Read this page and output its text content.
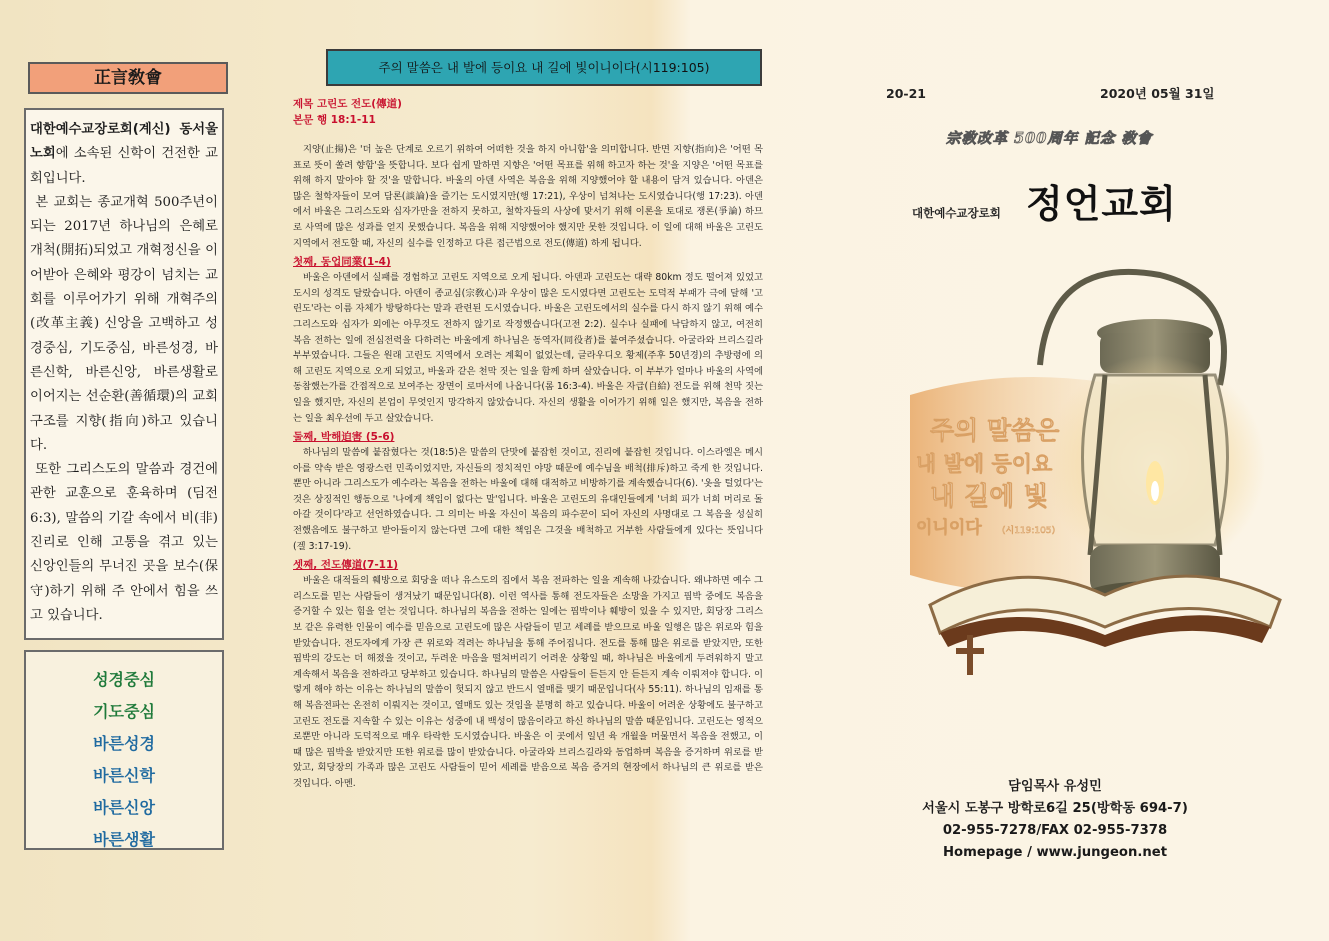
正言敎會

대한예수교장로회(계신) 동서울 노회에 소속된 신학이 건전한 교회입니다.

본 교회는 종교개혁 500주년이 되는 2017년 하나님의 은혜로 개척(開拓)되었고 개혁정신을 이어받아 은혜와 평강이 넘치는 교회를 이루어가기 위해 개혁주의(改革主義) 신앙을 고백하고 성경중심, 기도중심, 바른성경, 바른신학, 바른신앙, 바른생활로 이어지는 선순환(善循環)의 교회 구조를 지향(指向)하고 있습니다.

또한 그리스도의 말씀과 경건에 관한 교훈으로 훈육하며 (딤전 6:3), 말씀의 기갈 속에서 비(非) 진리로 인해 고통을 겪고 있는 신앙인들의 무너진 곳을 보수(保守)하기 위해 주 안에서 힘을 쓰고 있습니다.

성경중심
기도중심
바른성경
바른신학
바른신앙
바른생활
주의 말씀은 내 발에 등이요 내 길에 빛이니이다(시119:105)
제목 고린도 전도(傳道)
본문 행 18:1-11

지양(止揚)은 '더 높은 단계로 오르기 위하여 어떠한 것을 하지 아니함'을 의미합니다. 반면 지향(指向)은 '어떤 목표로 뜻이 쏠려 향함'을 뜻합니다. 보다 쉽게 말하면 지향은 '어떤 목표를 위해 하고자 하는 것'을 지양은 '어떤 목표를 위해 하지 말아야 할 것'을 말합니다. 바울의 아덴 사역은 복음을 위해 지양했어야 할 내용이 담겨 있습니다. 아덴은 많은 철학자들이 모여 담론(談論)을 즐기는 도시였지만(행 17:21), 우상이 넘쳐나는 도시였습니다(행 17:23). 아덴에서 바울은 그리스도와 십자가만을 전하지 못하고, 철학자들의 사상에 맞서기 위해 이론을 토대로 쟁론(爭論) 하므로 사역에 많은 성과를 얻지 못했습니다. 복음을 위해 지양했어야 했지만 못한 것입니다. 이 일에 대해 바울은 고린도 지역에서 전도할 때, 자신의 실수를 인정하고 다른 접근법으로 전도(傳道) 하게 됩니다.

첫째, 동업同業(1-4)

바울은 아덴에서 실패를 경험하고 고린도 지역으로 오게 됩니다. 아덴과 고린도는 대략 80km 정도 떨어져 있었고 도시의 성격도 달랐습니다. 아덴이 종교심(宗敎心)과 우상이 많은 도시였다면 고린도는 도덕적 부패가 극에 달해 '고린도'라는 이름 자체가 방탕하다는 말과 관련된 도시였습니다. 바울은 고린도에서의 실수를 다시 하지 않기 위해 예수 그리스도와 십자가 외에는 아무것도 전하지 않기로 작정했습니다(고전 2:2). 실수나 실패에 낙담하지 않고, 여전히 복음 전하는 일에 전심전력을 다하려는 바울에게 하나님은 동역자(同役者)를 붙여주셨습니다. 아굴라와 브리스길라 부부였습니다. 그들은 원래 고린도 지역에서 오려는 계획이 없었는데, 글라우디오 황제(주후 50년경)의 추방령에 의해 고린도 지역으로 오게 되었고, 바울과 같은 천막 짓는 일을 함께 하며 살았습니다. 이 부부가 얼마나 바울의 사역에 동참했는가를 간접적으로 보여주는 장면이 로마서에 나옵니다(롬 16:3-4). 바울은 자급(自給) 전도를 위해 천막 짓는 일을 했지만, 자신의 본업이 무엇인지 망각하지 않았습니다. 자신의 생활을 이어가기 위해 일은 했지만, 복음을 전하는 일을 최우선에 두고 살았습니다.

둘째, 박해迫害 (5-6)

하나님의 말씀에 붙잡혔다는 것(18:5)은 말씀의 단맛에 붙잡힌 것이고, 진리에 붙잡힌 것입니다. 이스라엘은 메시아를 약속 받은 영광스런 민족이었지만, 자신들의 정치적인 야망 때문에 예수님을 배척(排斥)하고 죽게 한 것입니다. 뿐만 아니라 그리스도가 예수라는 복음을 전하는 바울에 대해 대적하고 비방하기를 계속했습니다(6). '옷을 털었다'는 것은 상징적인 행동으로 '나에게 책임이 없다는 말'입니다. 바울은 고린도의 유대인들에게 '너희 피가 너희 머리로 돌아갈 것이다'라고 선언하였습니다. 그 의미는 바울 자신이 복음의 파수꾼이 되어 자신의 사명대로 그 복음을 성실히 전했음에도 불구하고 받아들이지 않는다면 그에 대한 책임은 그것을 배척하고 거부한 사람들에게 있다는 뜻입니다(겔 3:17-19).

셋째, 전도傳道(7-11)

바울은 대적들의 훼방으로 회당을 떠나 유스도의 집에서 복음 전파하는 일을 계속해 나갔습니다. 왜냐하면 예수 그리스도를 믿는 사람들이 생겨났기 때문입니다(8). 이런 역사를 통해 전도자들은 소망을 가지고 핍박 중에도 복음을 증거할 수 있는 힘을 얻는 것입니다. 하나님의 복음을 전하는 일에는 핍박이나 훼방이 있을 수 있지만, 회당장 그리스보 같은 유력한 인물이 예수를 믿음으로 고린도에 많은 사람들이 믿고 세례를 받으므로 바울 일행은 많은 위로와 힘을 받았습니다. 전도자에게 가장 큰 위로와 격려는 하나님을 통해 주어집니다. 전도를 통해 많은 위로를 받았지만, 또한 핍박의 강도는 더 해졌을 것이고, 두려운 마음을 떨쳐버리기 어려운 상황일 때, 하나님은 바울에게 두려워하지 말고 계속해서 복음을 전하라고 당부하고 있습니다. 하나님의 말씀은 사람들이 듣든지 안 듣든지 계속 이뤄져야 합니다. 이렇게 해야 하는 이유는 하나님의 말씀이 헛되지 않고 반드시 열매를 맺기 때문입니다(사 55:11). 하나님의 임재를 통해 복음전파는 온전히 이뤄지는 것이고, 열매도 있는 것임을 분명히 하고 있습니다. 바울이 어려운 상황에도 불구하고 고린도 전도를 지속할 수 있는 이유는 성중에 내 백성이 많음이라고 하신 하나님의 말씀 때문입니다. 고린도는 영적으로뿐만 아니라 도덕적으로 매우 타락한 도시였습니다. 바울은 이 곳에서 일년 육 개월을 머물면서 복음을 전했고, 이 때 많은 핍박을 받았지만 또한 위로를 많이 받았습니다. 아굴라와 브리스길라와 동업하며 복음을 증거하며 위로를 받았고, 회당장의 가족과 많은 고린도 사람들이 믿어 세례를 받음으로 복음 증거의 현장에서 하나님의 큰 위로를 받은 것입니다. 아멘.

20-21	2020년 05월 31일
宗敎改革 500周年 記念 敎會
대한예수교장로회 정언교회
주의 말씀은
내 발에 등이요
내 길에 빛
이니이다 (시119:105)
담임목사 유성민
서울시 도봉구 방학로6길 25(방학동 694-7)
02-955-7278/FAX 02-955-7378
Homepage / www.jungeon.net
